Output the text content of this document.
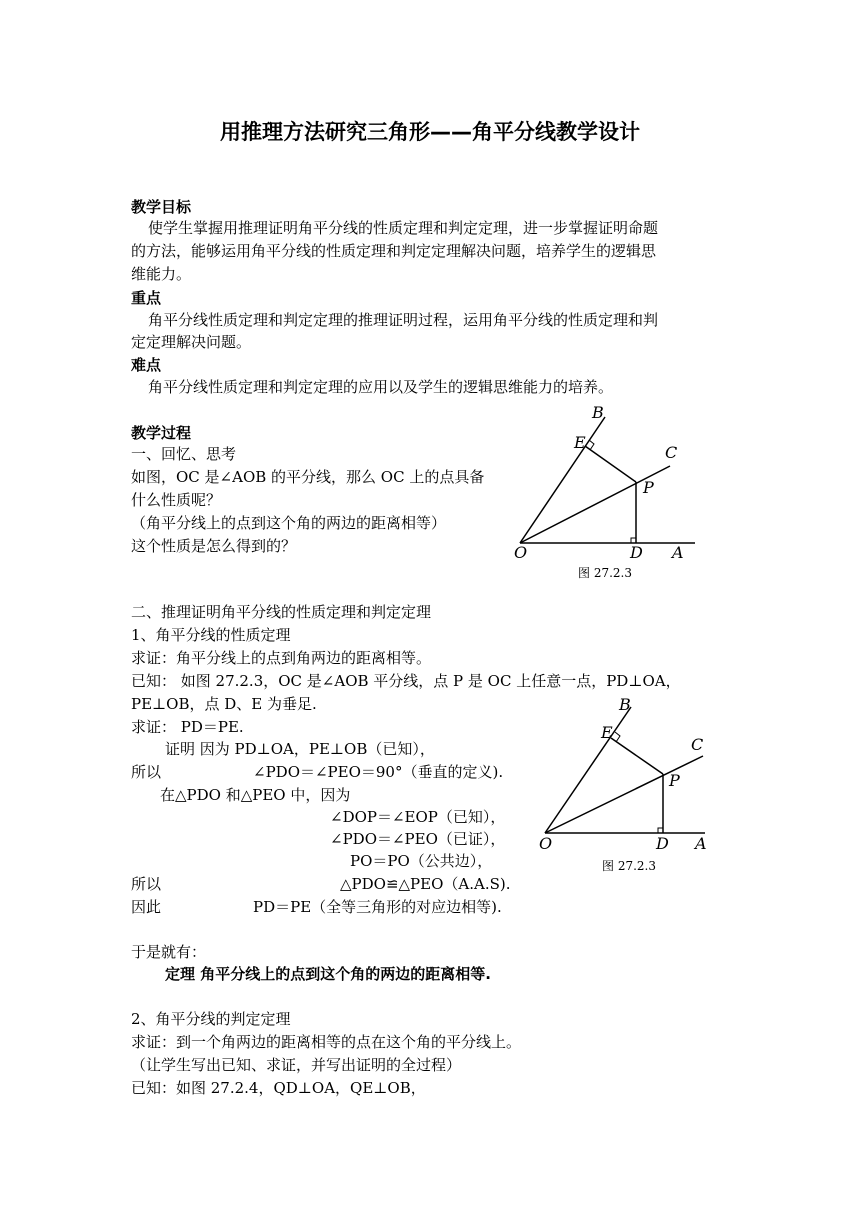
用推理方法研究三角形——角平分线教学设计
教学目标
使学生掌握用推理证明角平分线的性质定理和判定定理，进一步掌握证明命题
的方法，能够运用角平分线的性质定理和判定定理解决问题，培养学生的逻辑思
维能力。
重点
角平分线性质定理和判定定理的推理证明过程，运用角平分线的性质定理和判
定定理解决问题。
难点
角平分线性质定理和判定定理的应用以及学生的逻辑思维能力的培养。
教学过程
一、回忆、思考
如图，OC 是∠AOB 的平分线，那么 OC 上的点具备
什么性质呢？
（角平分线上的点到这个角的两边的距离相等）
这个性质是怎么得到的？
B
E
C
P
O	D A
图 27.2.3
二、推理证明角平分线的性质定理和判定定理
1、角平分线的性质定理
求证：角平分线上的点到角两边的距离相等。
已知： 如图 27.2.3，OC 是∠AOB 平分线，点 P 是 OC 上任意一点，PD⊥OA，
PE⊥OB，点 D、E 为垂足.
求证： PD＝PE.
证明 因为 PD⊥OA，PE⊥OB（已知），
所以	∠PDO＝∠PEO＝90°（垂直的定义).
在△PDO 和△PEO 中，因为
∠DOP＝∠EOP（已知），
∠PDO＝∠PEO（已证），
PO＝PO（公共边），
所以	△PDO≌△PEO（A.A.S).
因此	PD＝PE（全等三角形的对应边相等).
B
E
C
P
O	D A
图 27.2.3
于是就有：
定理 角平分线上的点到这个角的两边的距离相等.
2、角平分线的判定定理
求证：到一个角两边的距离相等的点在这个角的平分线上。
（让学生写出已知、求证，并写出证明的全过程）
已知：如图 27.2.4，QD⊥OA，QE⊥OB，
